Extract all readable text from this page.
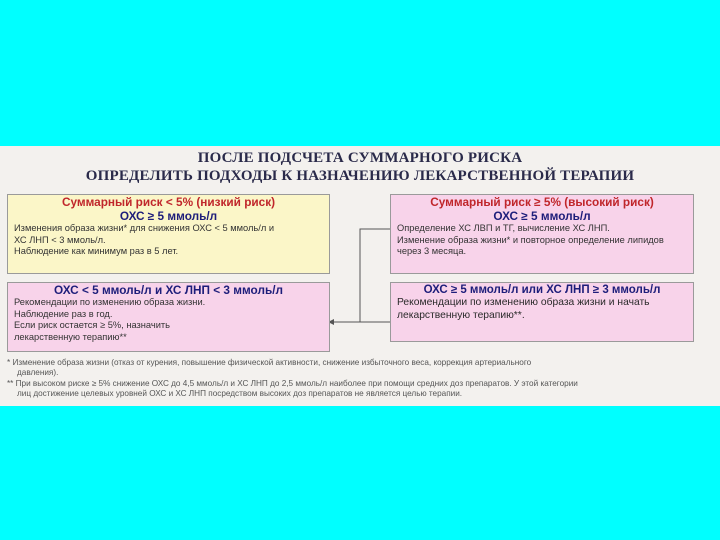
ПОСЛЕ ПОДСЧЕТА СУММАРНОГО РИСКА
ОПРЕДЕЛИТЬ ПОДХОДЫ К НАЗНАЧЕНИЮ ЛЕКАРСТВЕННОЙ ТЕРАПИИ
Суммарный риск < 5% (низкий риск)
ОХС ≥ 5 ммоль/л
Изменения образа жизни* для снижения ОХС < 5 ммоль/л и
ХС ЛНП < 3 ммоль/л.
Наблюдение как минимум раз в 5 лет.
ОХС < 5 ммоль/л и ХС ЛНП < 3 ммоль/л
Рекомендации по изменению образа жизни.
Наблюдение раз в год.
Если риск остается ≥ 5%, назначить
лекарственную терапию**
Суммарный риск ≥ 5% (высокий риск)
ОХС ≥ 5 ммоль/л
Определение ХС ЛВП и ТГ, вычисление ХС ЛНП.
Изменение образа жизни* и повторное определение липидов
через 3 месяца.
ОХС ≥ 5 ммоль/л или ХС ЛНП ≥ 3 ммоль/л
Рекомендации по изменению образа жизни и начать
лекарственную терапию**.
* Изменение образа жизни (отказ от курения, повышение физической активности, снижение избыточного веса, коррекция артериального
давления).
** При высоком риске ≥ 5% снижение ОХС до 4,5 ммоль/л и ХС ЛНП до 2,5 ммоль/л наиболее при помощи средних доз препаратов. У этой категории
лиц достижение целевых уровней ОХС и ХС ЛНП посредством высоких доз препаратов не является целью терапии.
